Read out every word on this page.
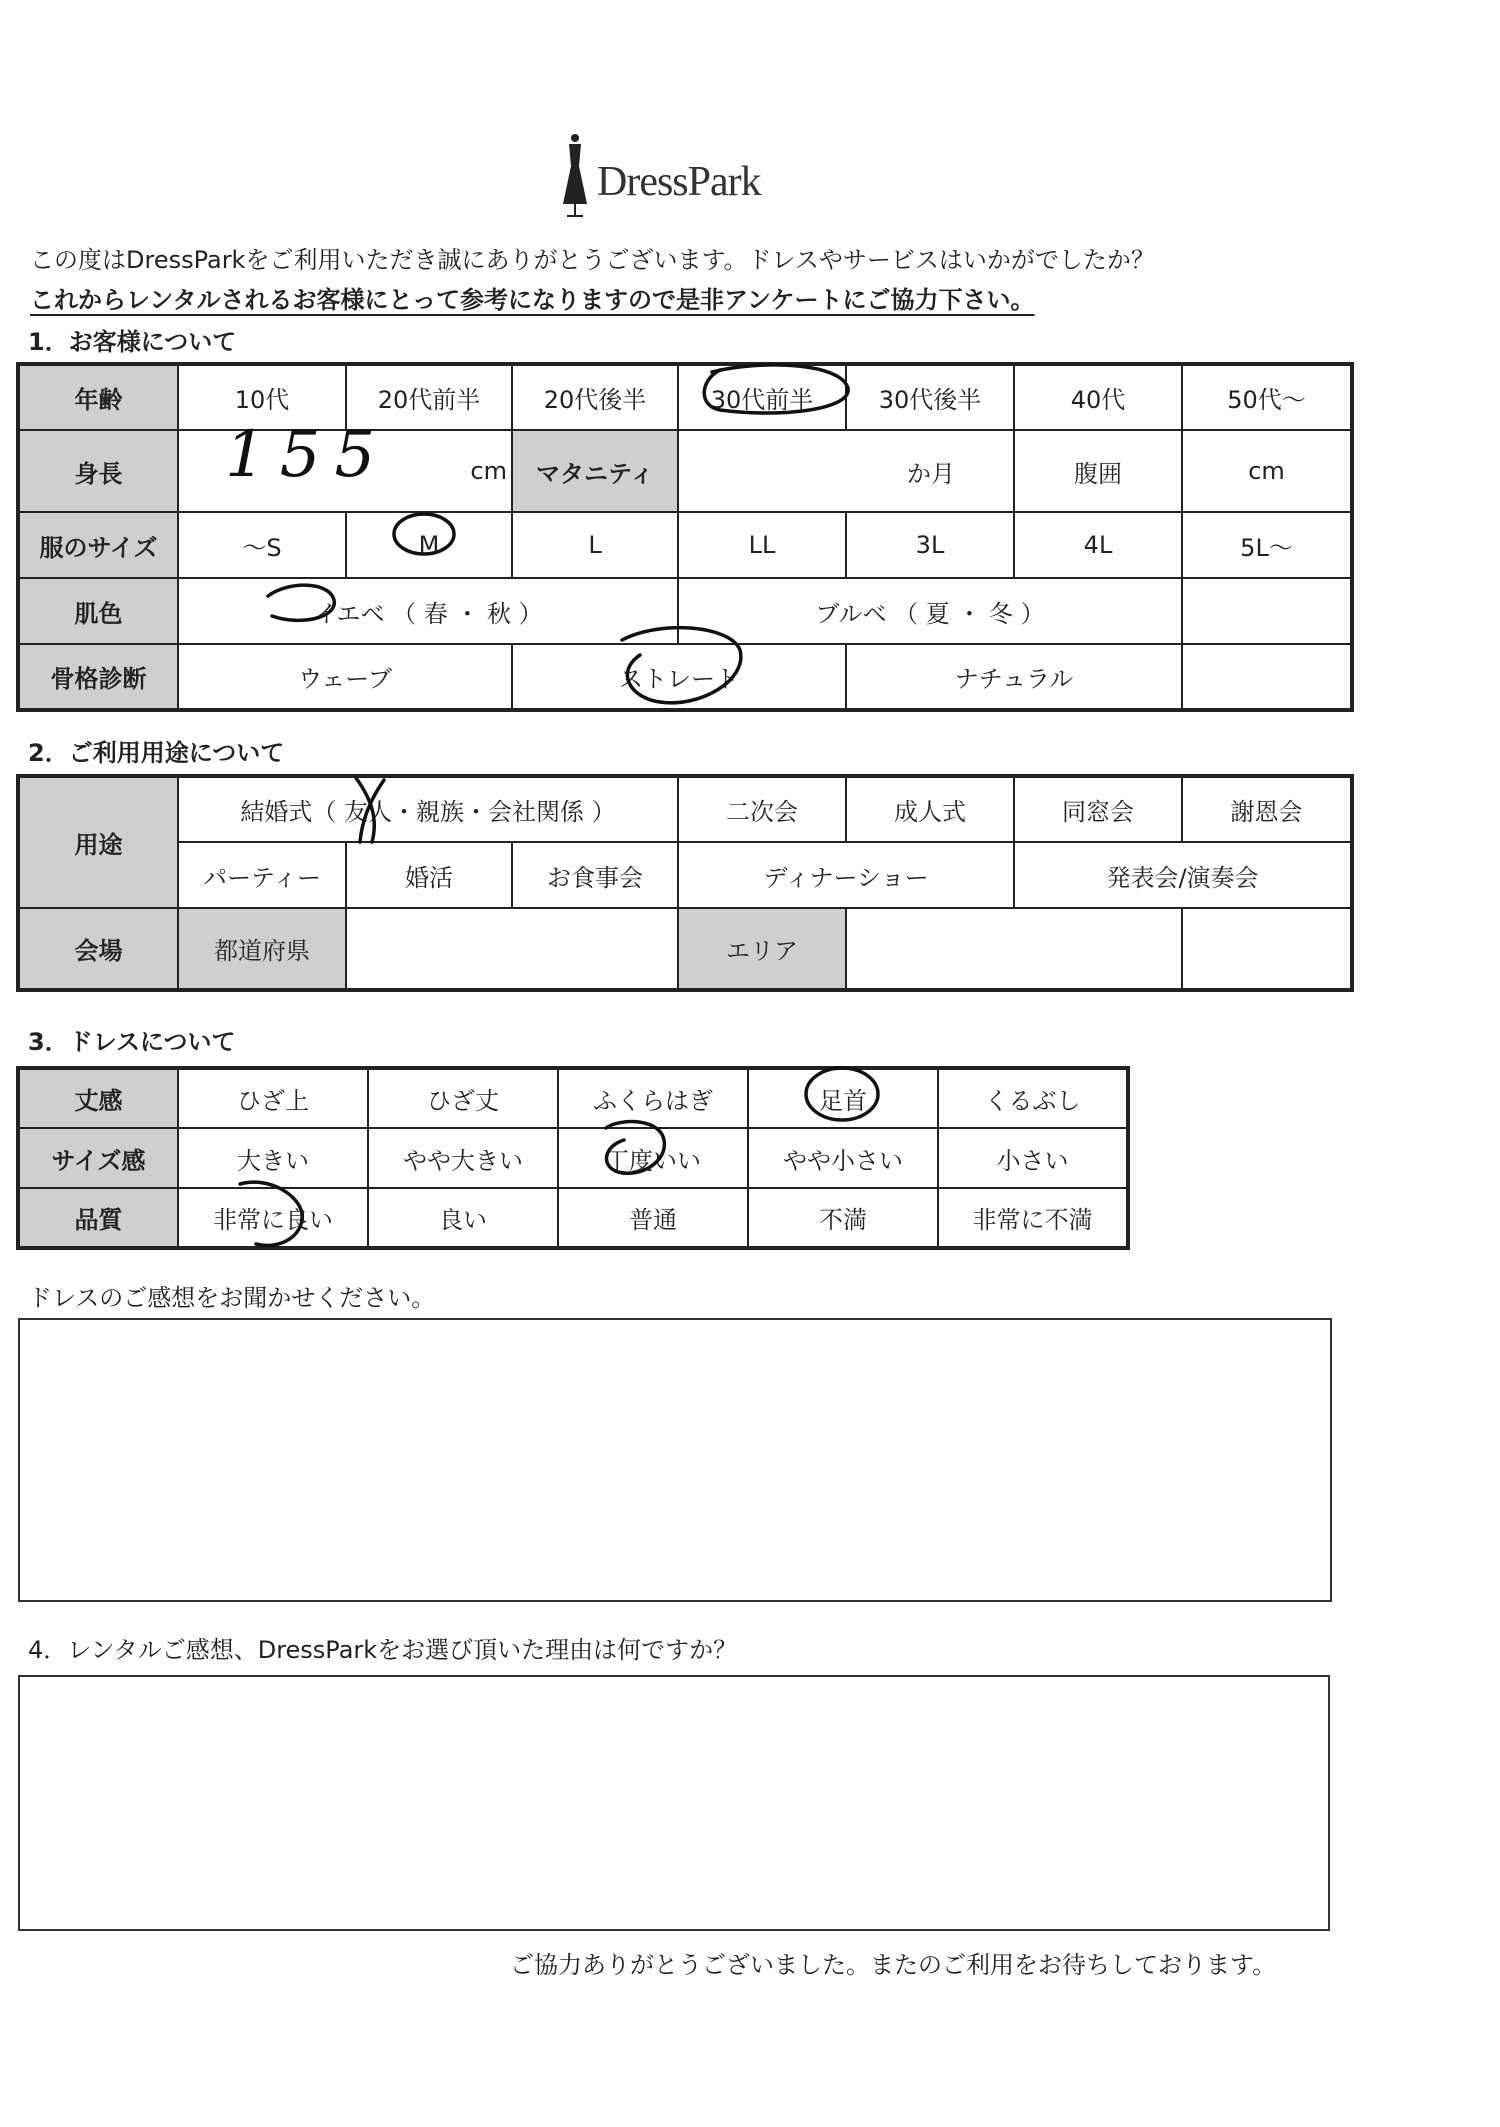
DressPark
この度はDressParkをご利用いただき誠にありがとうございます。ドレスやサービスはいかがでしたか？
これからレンタルされるお客様にとって参考になりますので是非アンケートにご協力下さい。
1．お客様について
年齢	10代	20代前半	20代後半	30代前半	30代後半	40代	50代～
身長	cm		マタニティ	か月		腹囲	cm
服のサイズ	～S	M	L	LL	3L	4L	5L～
肌色	イエベ （ 春 ・ 秋 ）			ブルベ （ 夏 ・ 冬 ）			
骨格診断	ウェーブ		ストレート		ナチュラル		
155
2．ご利用用途について
用途	結婚式（ 友人・親族・会社関係 ）			二次会	成人式	同窓会	謝恩会
	パーティー	婚活	お食事会	ディナーショー		発表会/演奏会	
会場	都道府県			エリア			
3．ドレスについて
丈感	ひざ上	ひざ丈	ふくらはぎ	足首	くるぶし
サイズ感	大きい	やや大きい	丁度いい	やや小さい	小さい
品質	非常に良い	良い	普通	不満	非常に不満
ドレスのご感想をお聞かせください。
4．レンタルご感想、DressParkをお選び頂いた理由は何ですか？
ご協力ありがとうございました。またのご利用をお待ちしております。
